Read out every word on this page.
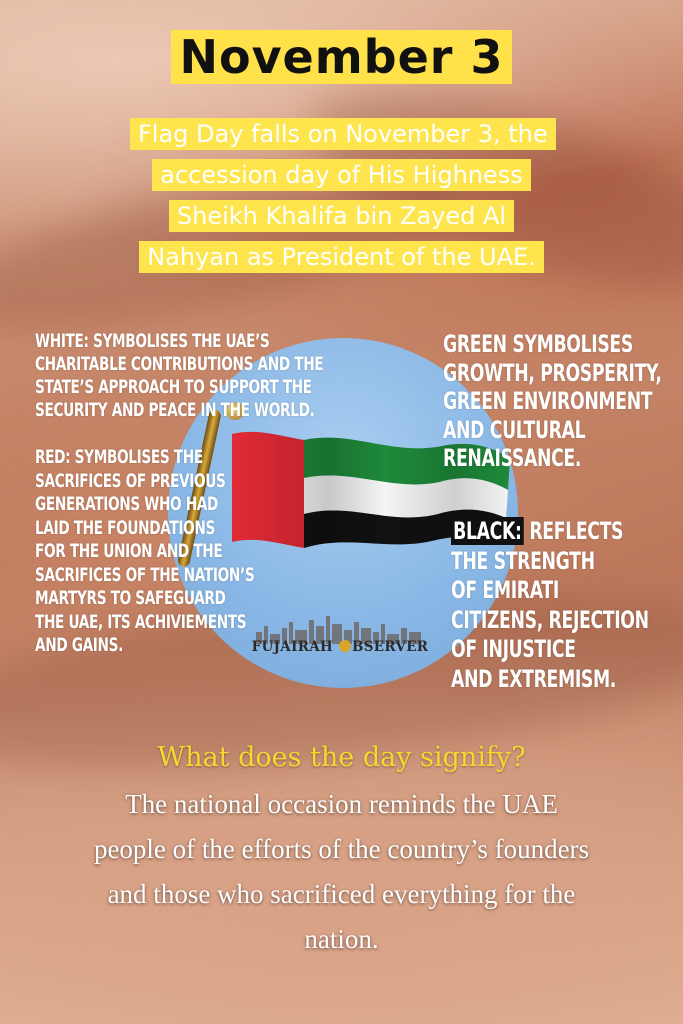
November 3
Flag Day falls on November 3, the accession day of His Highness Sheikh Khalifa bin Zayed Al Nahyan as President of the UAE.
WHITE: SYMBOLISES THE UAE’S
CHARITABLE CONTRIBUTIONS AND THE
STATE’S APPROACH TO SUPPORT THE
SECURITY AND PEACE IN THE WORLD.
RED: SYMBOLISES THE
SACRIFICES OF PREVIOUS
GENERATIONS WHO HAD
LAID THE FOUNDATIONS
FOR THE UNION AND THE
SACRIFICES OF THE NATION’S
MARTYRS TO SAFEGUARD
THE UAE, ITS ACHIVIEMENTS
AND GAINS.
GREEN SYMBOLISES
GROWTH, PROSPERITY,
GREEN ENVIRONMENT
AND CULTURAL
RENAISSANCE.
BLACK: REFLECTS
THE STRENGTH
OF EMIRATI
CITIZENS, REJECTION
OF INJUSTICE
AND EXTREMISM.
FUJAIRAH BSERVER
What does the day signify?
The national occasion reminds the UAE people of the efforts of the country’s founders and those who sacrificed everything for the nation.
